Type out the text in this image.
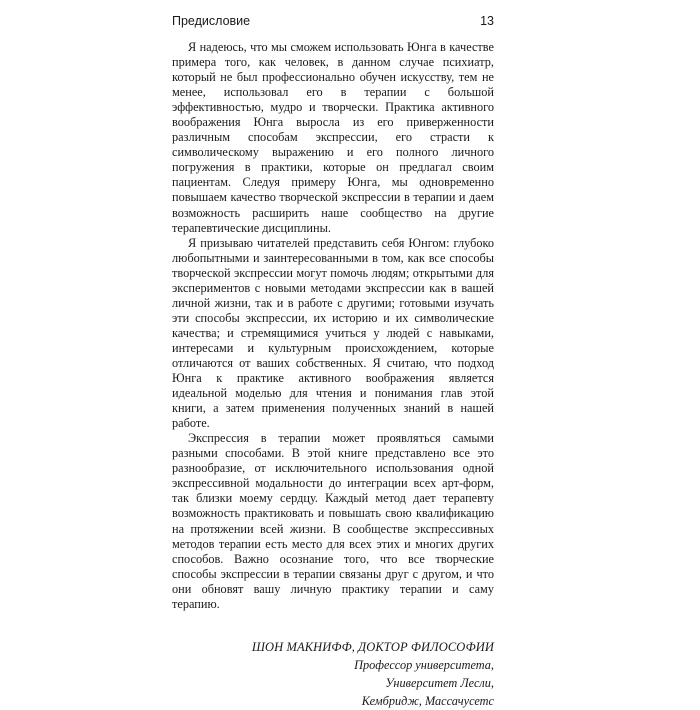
Предисловие	13

Я надеюсь, что мы сможем использовать Юнга в качестве примера того, как человек, в данном случае психиатр, который не был профессионально обучен искусству, тем не менее, использовал его в терапии с большой эффективностью, мудро и творчески. Практика активного воображения Юнга выросла из его приверженности различным способам экспрессии, его страсти к символическому выражению и его полного личного погружения в практики, которые он предлагал своим пациентам. Следуя примеру Юнга, мы одновременно повышаем качество творческой экспрессии в терапии и даем возможность расширить наше сообщество на другие терапевтические дисциплины.

Я призываю читателей представить себя Юнгом: глубоко любопытными и заинтересованными в том, как все способы творческой экспрессии могут помочь людям; открытыми для экспериментов с новыми методами экспрессии как в вашей личной жизни, так и в работе с другими; готовыми изучать эти способы экспрессии, их историю и их символические качества; и стремящимися учиться у людей с навыками, интересами и культурным происхождением, которые отличаются от ваших собственных. Я считаю, что подход Юнга к практике активного воображения является идеальной моделью для чтения и понимания глав этой книги, а затем применения полученных знаний в нашей работе.

Экспрессия в терапии может проявляться самыми разными способами. В этой книге представлено все это разнообразие, от исключительного использования одной экспрессивной модальности до интеграции всех арт-форм, так близки моему сердцу. Каждый метод дает терапевту возможность практиковать и повышать свою квалификацию на протяжении всей жизни. В сообществе экспрессивных методов терапии есть место для всех этих и многих других способов. Важно осознание того, что все творческие способы экспрессии в терапии связаны друг с другом, и что они обновят вашу личную практику терапии и саму терапию.

ШОН МАКНИФФ, ДОКТОР ФИЛОСОФИИ
Профессор университета,
Университет Лесли,
Кембридж, Массачусетс
